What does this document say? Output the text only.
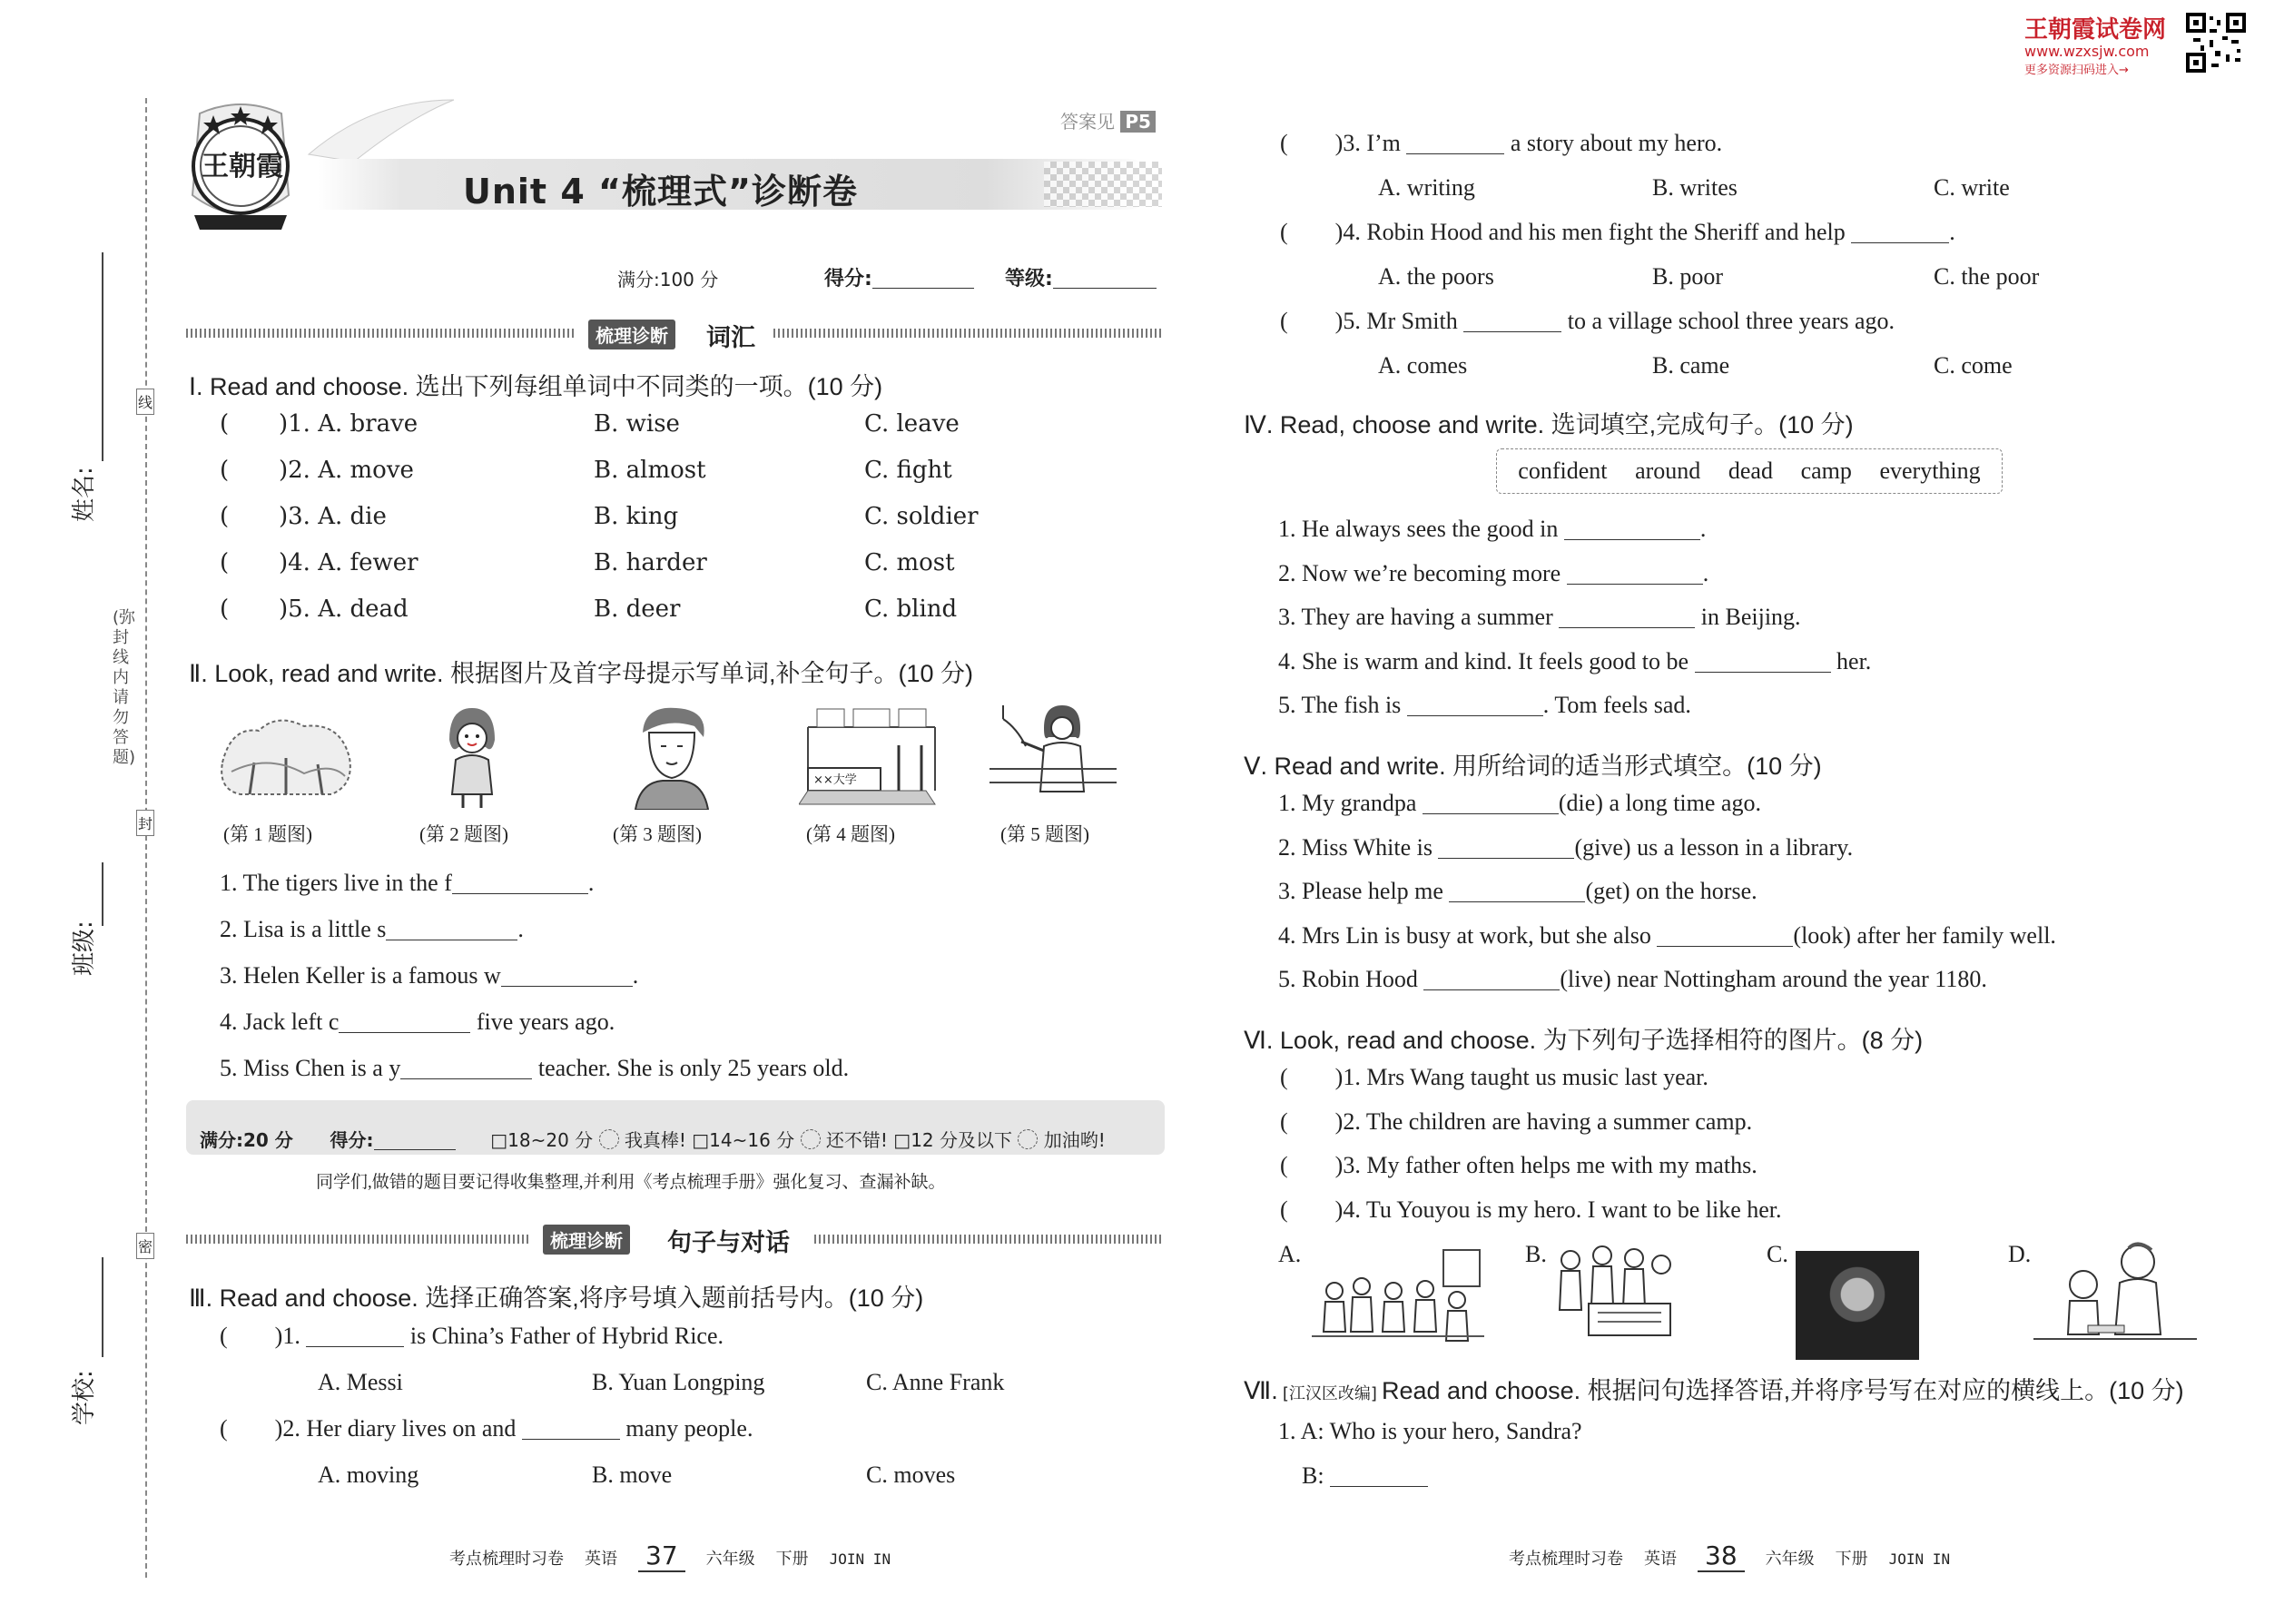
王朝霞试卷网
www.wzxsjw.com
更多资源扫码进入→
姓名:
班级:
学校:
(弥封线内请勿答题)
线
封
密
王朝霞
答案见 P5
Unit 4 “梳理式”诊断卷
满分:100 分	得分:	等级:
梳理诊断 词汇
Ⅰ. Read and choose. 选出下列每组单词中不同类的一项。(10 分)
( )1. A. brave	B. wise	C. leave
( )2. A. move	B. almost	C. fight
( )3. A. die	B. king	C. soldier
( )4. A. fewer	B. harder	C. most
( )5. A. dead	B. deer	C. blind
Ⅱ. Look, read and write. 根据图片及首字母提示写单词,补全句子。(10 分)
××大学
(第 1 题图)	(第 2 题图)	(第 3 题图)	(第 4 题图)	(第 5 题图)
1. The tigers live in the f	.
2. Lisa is a little s	.
3. Helen Keller is a famous w	.
4. Jack left c	five years ago.
5. Miss Chen is a y	teacher. She is only 25 years old.
满分:20 分 得分:	□18~20 分 我真棒! □14~16 分 还不错! □12 分及以下 加油哟!
同学们,做错的题目要记得收集整理,并利用《考点梳理手册》强化复习、查漏补缺。
梳理诊断 句子与对话
Ⅲ. Read and choose. 选择正确答案,将序号填入题前括号内。(10 分)
( )1.	is China’s Father of Hybrid Rice.
A. Messi	B. Yuan Longping	C. Anne Frank
( )2. Her diary lives on and	many people.
A. moving	B. move	C. moves
考点梳理时习卷 英语 37 六年级 下册 JOIN IN
( )3. I’m	a story about my hero.
A. writing	B. writes	C. write
( )4. Robin Hood and his men fight the Sheriff and help	.
A. the poors	B. poor	C. the poor
( )5. Mr Smith	to a village school three years ago.
A. comes	B. came	C. come
Ⅳ. Read, choose and write. 选词填空,完成句子。(10 分)
confident around dead camp everything
1. He always sees the good in	.
2. Now we’re becoming more	.
3. They are having a summer	in Beijing.
4. She is warm and kind. It feels good to be	her.
5. The fish is	. Tom feels sad.
Ⅴ. Read and write. 用所给词的适当形式填空。(10 分)
1. My grandpa	(die) a long time ago.
2. Miss White is	(give) us a lesson in a library.
3. Please help me	(get) on the horse.
4. Mrs Lin is busy at work, but she also	(look) after her family well.
5. Robin Hood	(live) near Nottingham around the year 1180.
Ⅵ. Look, read and choose. 为下列句子选择相符的图片。(8 分)
( )1. Mrs Wang taught us music last year.
( )2. The children are having a summer camp.
( )3. My father often helps me with my maths.
( )4. Tu Youyou is my hero. I want to be like her.
A.	B.	C.	D.
Ⅶ. [江汉区改编] Read and choose. 根据问句选择答语,并将序号写在对应的横线上。(10 分)
1. A: Who is your hero, Sandra?
B:
考点梳理时习卷 英语 38 六年级 下册 JOIN IN
